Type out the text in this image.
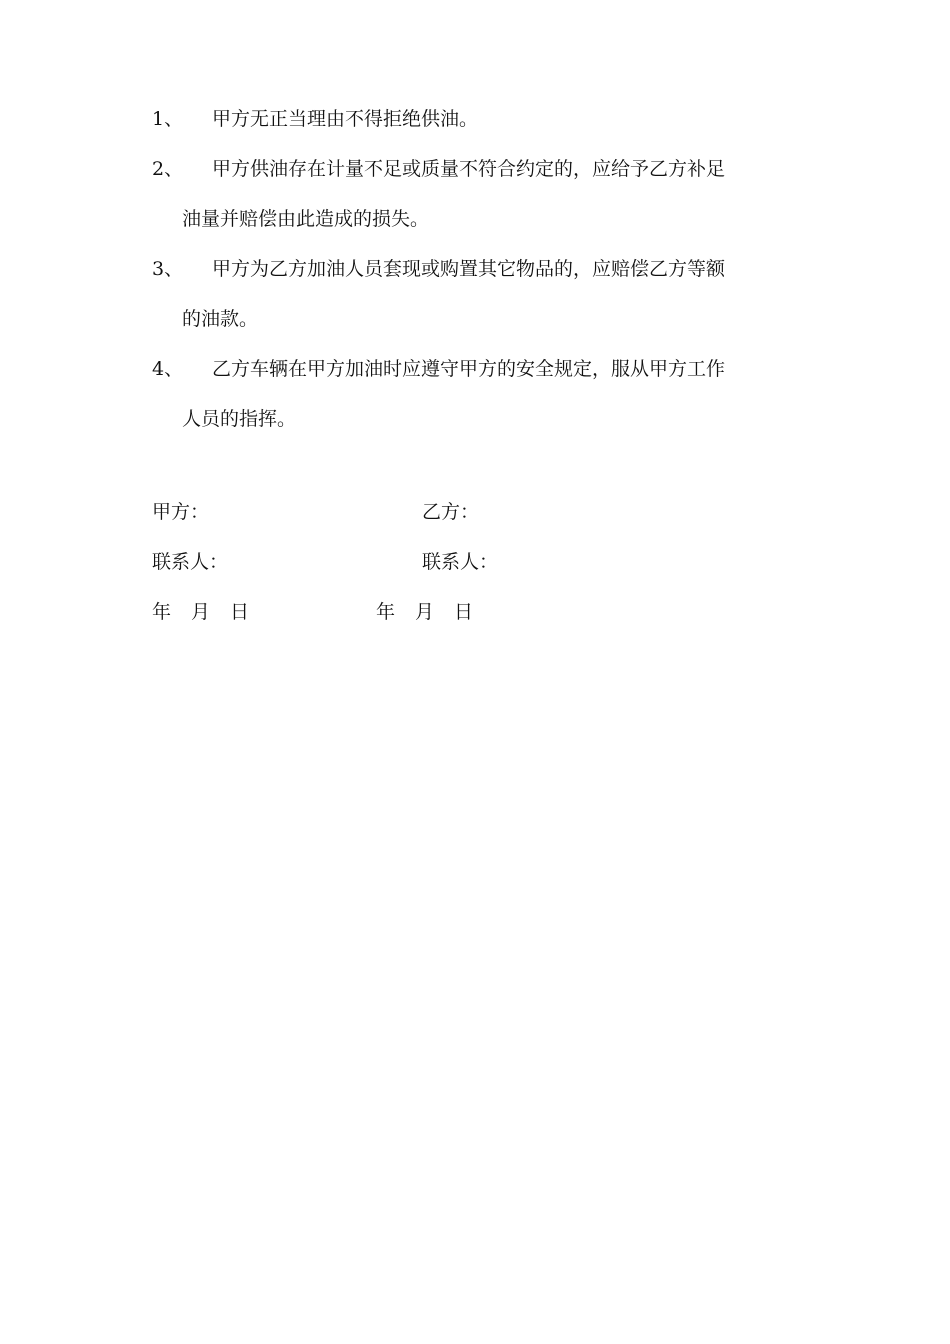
1、	甲方无正当理由不得拒绝供油。
2、	甲方供油存在计量不足或质量不符合约定的，应给予乙方补足
油量并赔偿由此造成的损失。
3、	甲方为乙方加油人员套现或购置其它物品的，应赔偿乙方等额
的油款。
4、	乙方车辆在甲方加油时应遵守甲方的安全规定，服从甲方工作
人员的指挥。
甲方：	乙方：
联系人：	联系人：
年 月 日	年 月 日
